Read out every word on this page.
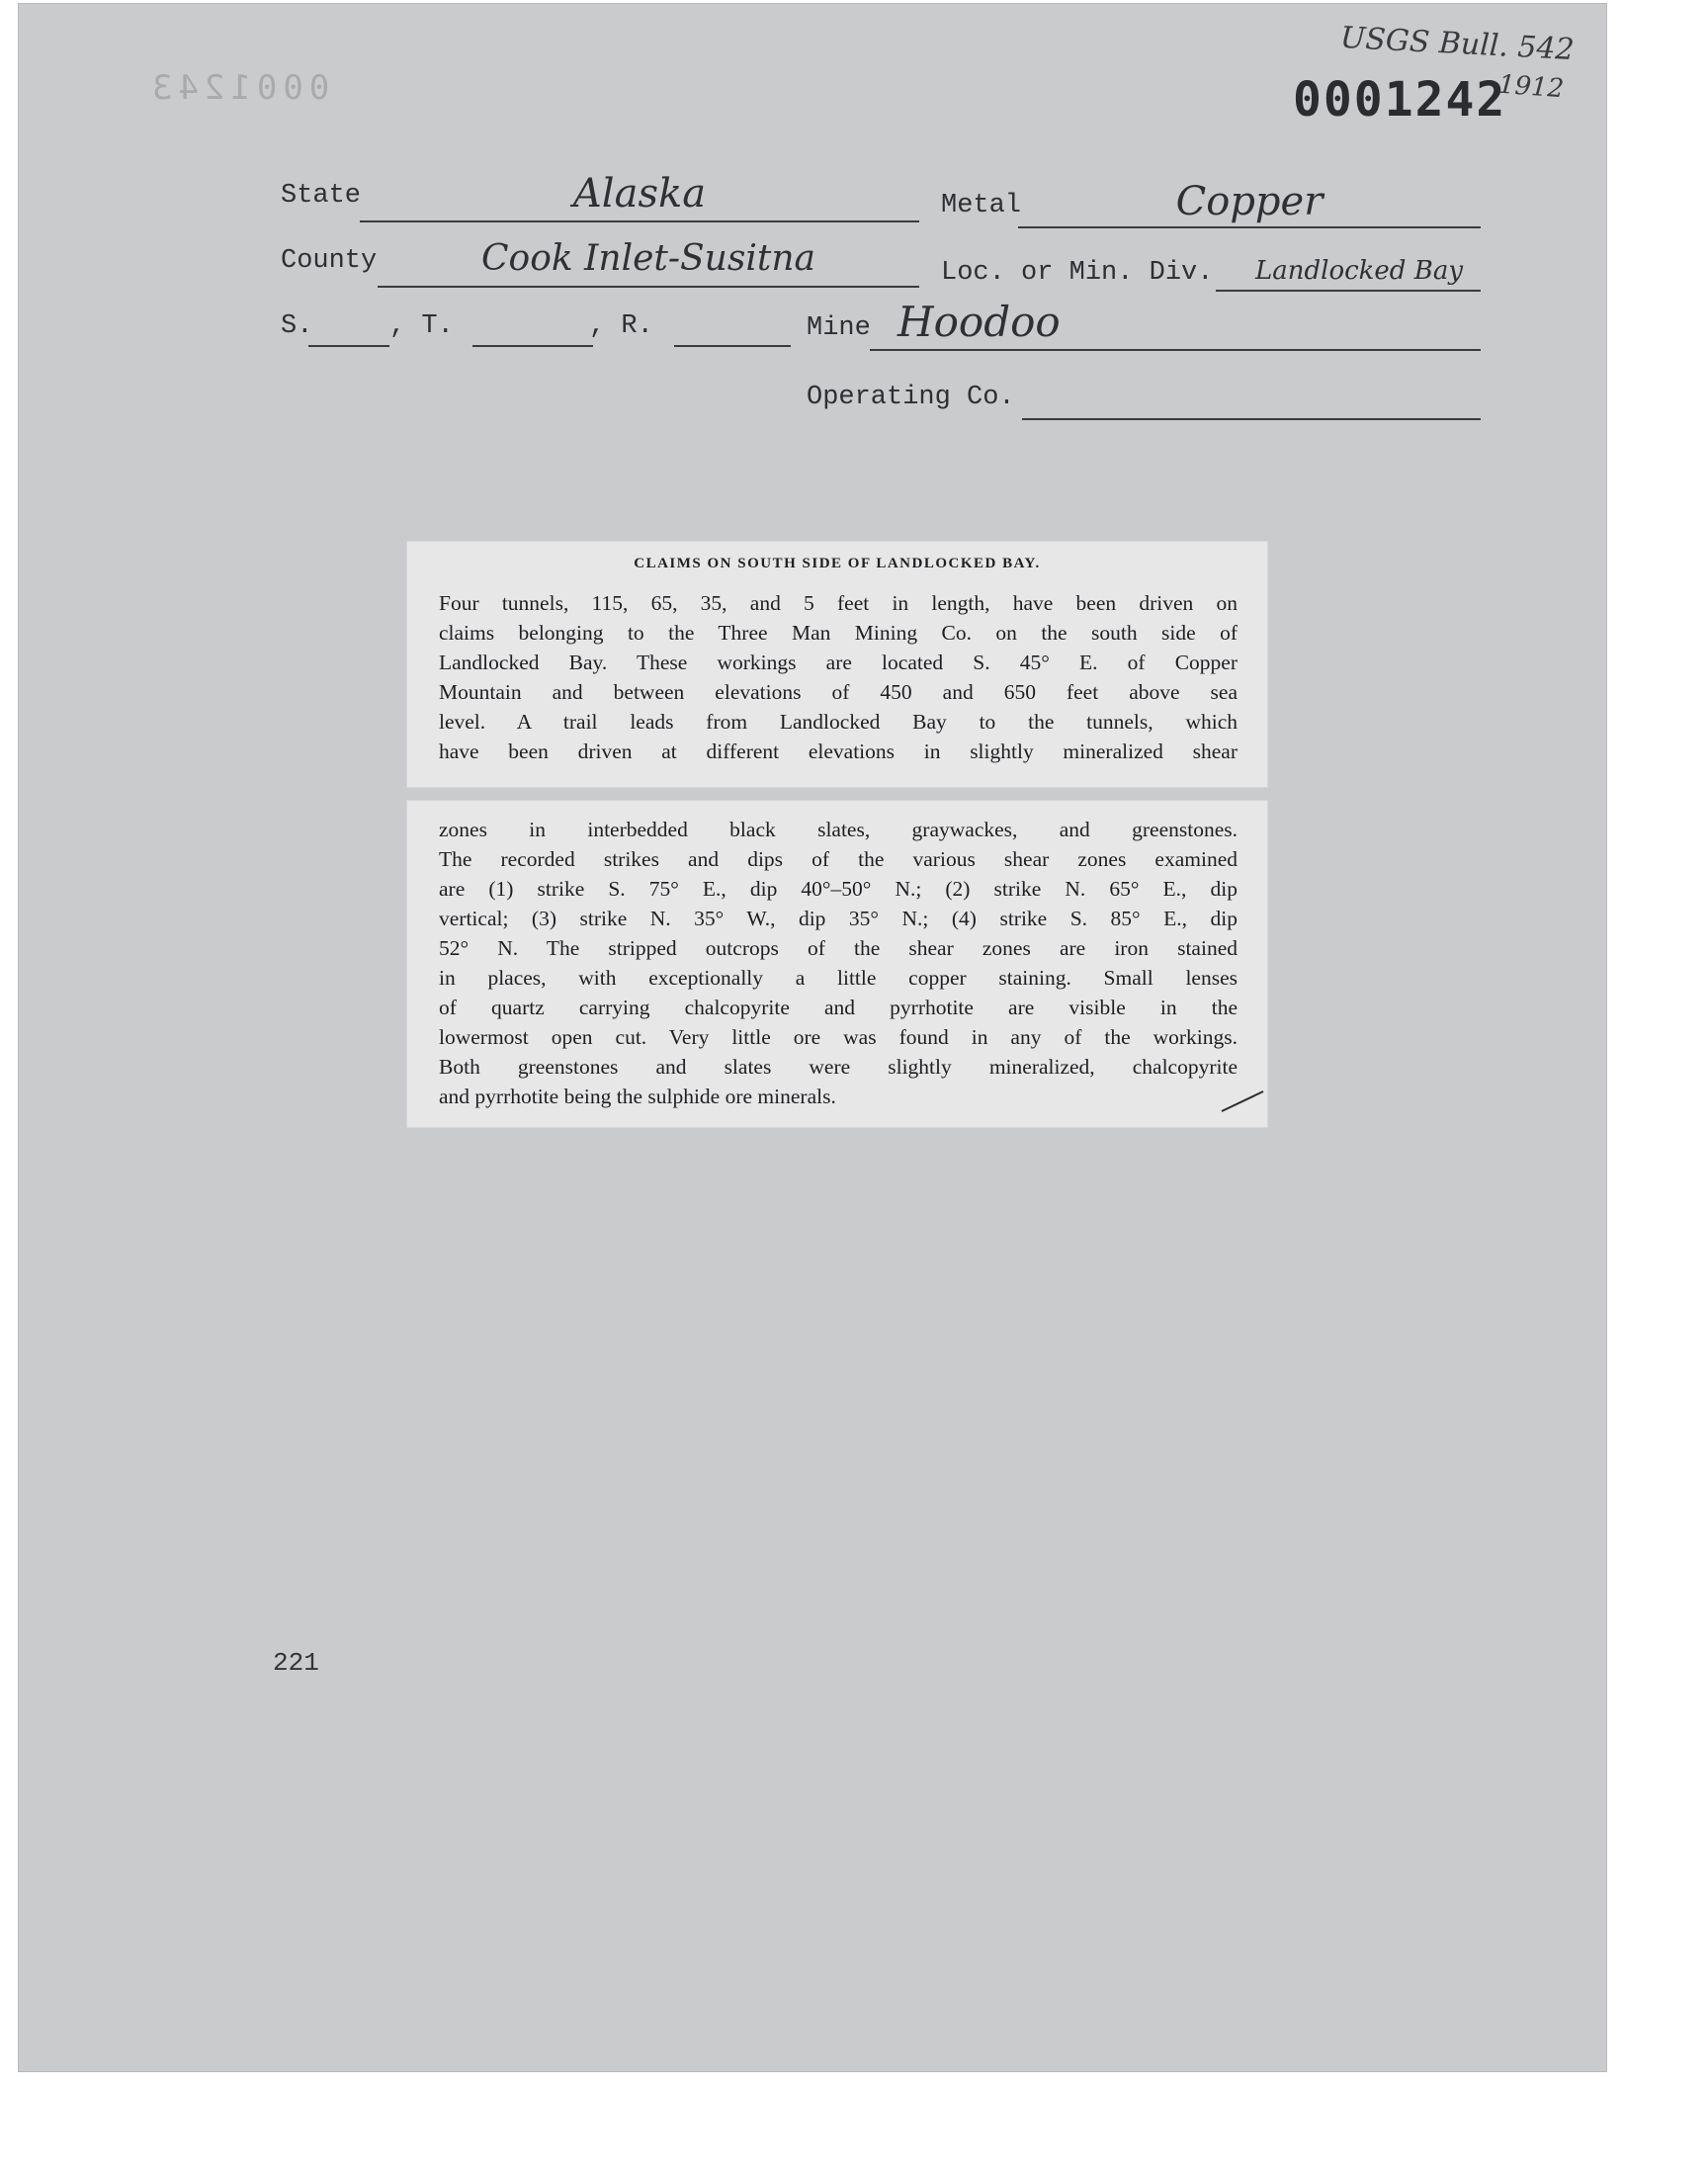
0001243
USGS Bull. 542
0001242
1912
State	Alaska	Metal	Copper
County	Cook Inlet-Susitna	Loc. or Min. Div.	Landlocked Bay
S.	, T.	, R.	Mine Hoodoo
Operating Co.
CLAIMS ON SOUTH SIDE OF LANDLOCKED BAY.

Four tunnels, 115, 65, 35, and 5 feet in length, have been driven on
claims belonging to the Three Man Mining Co. on the south side of
Landlocked Bay. These workings are located S. 45° E. of Copper
Mountain and between elevations of 450 and 650 feet above sea
level. A trail leads from Landlocked Bay to the tunnels, which
have been driven at different elevations in slightly mineralized shear

zones in interbedded black slates, graywackes, and greenstones.
The recorded strikes and dips of the various shear zones examined
are (1) strike S. 75° E., dip 40°–50° N.; (2) strike N. 65° E., dip
vertical; (3) strike N. 35° W., dip 35° N.; (4) strike S. 85° E., dip
52° N. The stripped outcrops of the shear zones are iron stained
in places, with exceptionally a little copper staining. Small lenses
of quartz carrying chalcopyrite and pyrrhotite are visible in the
lowermost open cut. Very little ore was found in any of the workings.
Both greenstones and slates were slightly mineralized, chalcopyrite

and pyrrhotite being the sulphide ore minerals.

221
